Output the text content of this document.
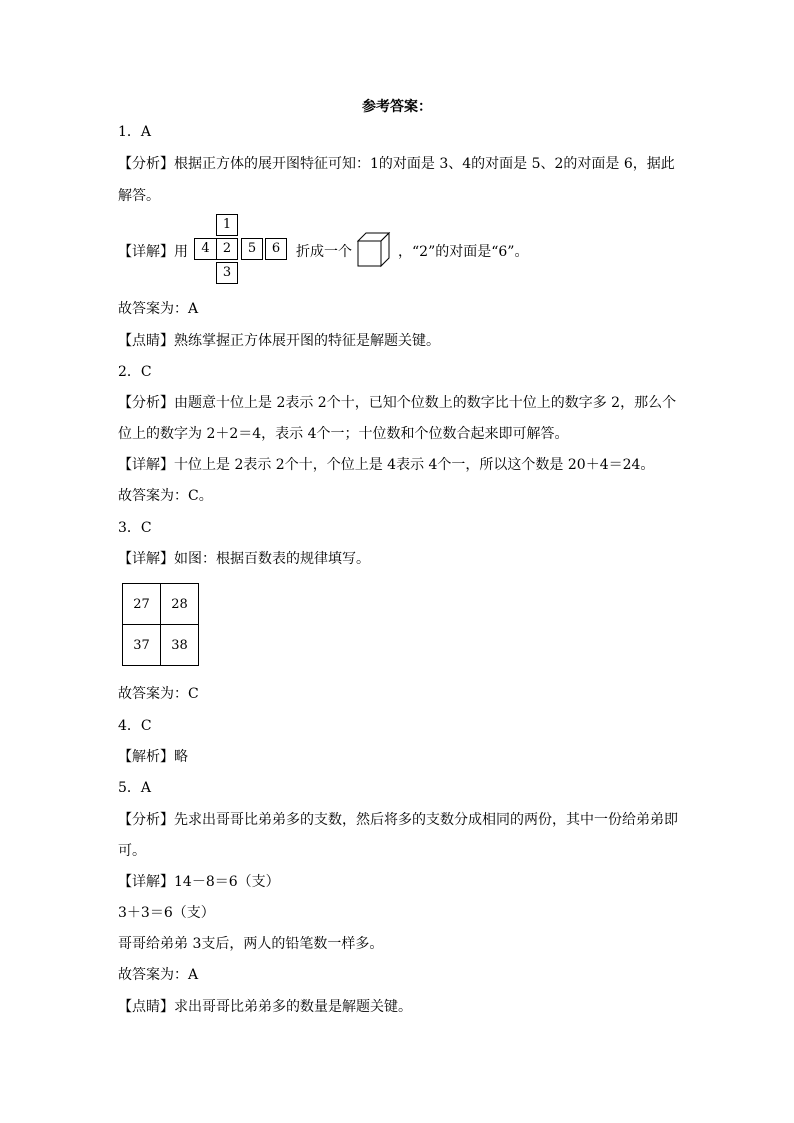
参考答案：
1．A
【分析】根据正方体的展开图特征可知：1的对面是 3、4的对面是 5、2的对面是 6，据此
解答。
故答案为：A
【点睛】熟练掌握正方体展开图的特征是解题关键。
2．C
【分析】由题意十位上是 2表示 2个十，已知个位数上的数字比十位上的数字多 2，那么个
位上的数字为 2＋2＝4，表示 4个一；十位数和个位数合起来即可解答。
【详解】十位上是 2表示 2个十，个位上是 4表示 4个一，所以这个数是 20＋4＝24。
故答案为：C。
3．C
【详解】如图：根据百数表的规律填写。
故答案为：C
4．C
【解析】略
5．A
【分析】先求出哥哥比弟弟多的支数，然后将多的支数分成相同的两份，其中一份给弟弟即
可。
【详解】14－8＝6（支）
3＋3＝6（支）
哥哥给弟弟 3支后，两人的铅笔数一样多。
故答案为：A
【点睛】求出哥哥比弟弟多的数量是解题关键。
【详解】用
1
4	2	5	6
3
折成一个	，“2”的对面是“6”。
27	28
37	38
